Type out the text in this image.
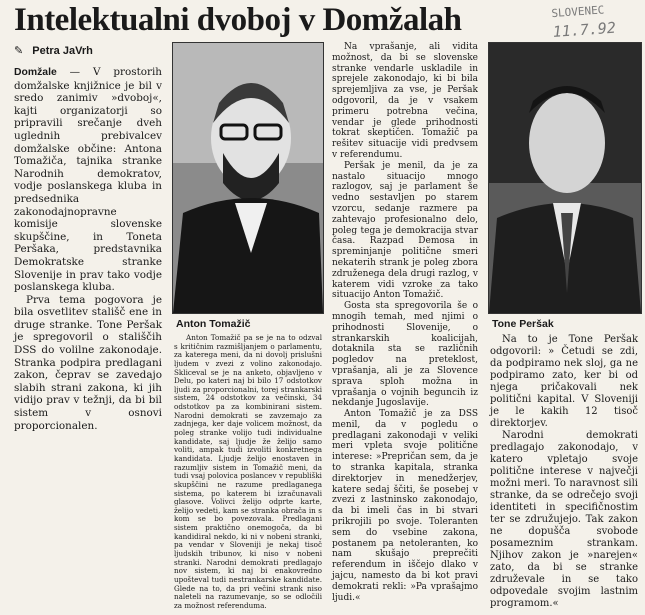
Intelektualni dvoboj v Domžalah	SLOVENEC
11.7.92
✎ Petra JaVrh

Domžale — V prostorih domžalske knjižnice je bil v sredo zanimiv »dvoboj«, kajti organizatorji so pripravili srečanje dveh uglednih prebivalcev domžalske občine: Antona Tomažiča, tajnika stranke Narodnih demokratov, vodje poslanskega kluba in predsednika zakonodajnopravne komisije slovenske skupščine, in Toneta Peršaka, predstavnika Demokratske stranke Slovenije in prav tako vodje poslanskega kluba.

Prva tema pogovora je bila osvetlitev stališč ene in druge stranke. Tone Peršak je spregovoril o stališčih DSS do volilne zakonodaje. Stranka podpira predlagani zakon, čeprav se zavedajo slabih strani zakona, ki jih vidijo prav v težnji, da bi bil sistem v osnovi proporcionalen.

Anton Tomažič

Anton Tomažič pa se je na to odzval s kritičnim razmišljanjem o parlamentu, za katerega meni, da ni dovolj prislušni ljudem v zvezi z volino zakonodajo. Skliceval se je na anketo, objavljeno v Delu, po kateri naj bi bilo 17 odstotkov ljudi za proporcionalni, torej strankarski sistem, 24 odstotkov za večinski, 34 odstotkov pa za kombinirani sistem. Narodni demokrati se zavzemajo za zadnjega, ker daje volicem možnost, da poleg stranke volijo tudi individualne kandidate, saj ljudje že želijo samo voliti, ampak tudi izvoliti konkretnega kandidata. Ljudje želijo enostaven in razumljiv sistem in Tomažič meni, da tudi vsaj polovica poslancev v republiški skupščini ne razume predlaganega sistema, po katerem bi izračunavali glasove. Volivci želijo odprte karte, želijo vedeti, kam se stranka obrača in s kom se bo povezovala. Predlagani sistem praktično onemogoča, da bi kandidiral nekdo, ki ni v nobeni stranki, pa vendar v Sloveniji je nekaj tisoč ljudskih tribunov, ki niso v nobeni stranki. Narodni demokrati predlagajo nov sistem, ki naj bi enakovredno upošteval tudi nestrankarske kandidate. Glede na to, da pri večini strank niso naleteli na razumevanje, so se odločili za možnost referenduma.

Na vprašanje, ali vidita možnost, da bi se slovenske stranke vendarle uskladile in sprejele zakonodajo, ki bi bila sprejemljiva za vse, je Peršak odgovoril, da je v vsakem primeru potrebna večina, vendar je glede prihodnosti tokrat skeptičen. Tomažič pa rešitev situacije vidi predvsem v referendumu.

Peršak je menil, da je za nastalo situacijo mnogo razlogov, saj je parlament še vedno sestavljen po starem vzorcu, sedanje razmere pa zahtevajo profesionalno delo, poleg tega je demokracija stvar časa. Razpad Demosa in spreminjanje politične smeri nekaterih strank je poleg zbora združenega dela drugi razlog, v katerem vidi vzroke za tako situacijo Anton Tomažič.

Gosta sta spregovorila še o mnogih temah, med njimi o prihodnosti Slovenije, o strankarskih koalicijah, dotaknila sta se različnih pogledov na preteklost, vprašanja, ali je za Slovence sprava sploh možna in vprašanja o vojnih beguncih iz nekdanje Jugoslavije.

Anton Tomažič je za DSS menil, da v pogledu o predlagani zakonodaji v veliki meri vpleta svoje politične interese: »Prepričan sem, da je to stranka kapitala, stranka direktorjev in menedžerjev, katere sedaj ščiti, še posebej v zvezi z lastninsko zakonodajo, da bi imeli čas in bi stvari prikrojili po svoje. Toleranten sem do vsebine zakona, postanem pa netoleranten, ko nam skušajo preprečiti referendum in iščejo dlako v jajcu, namesto da bi kot pravi demokrati rekli: »Pa vprašajmo ljudi.«

Tone Peršak

Na to je Tone Peršak odgovoril: » Četudi se zdi, da podpiramo nek sloj, ga ne podpiramo zato, ker bi od njega pričakovali nek politični kapital. V Sloveniji je le kakih 12 tisoč direktorjev.

Narodni demokrati predlagajo zakonodajo, v katero vpletajo svoje politične interese v največji možni meri. To naravnost sili stranke, da se odrečejo svoji identiteti in specifičnostim ter se združujejo. Tak zakon ne dopušča svobode posameznim strankam. Njihov zakon je »narejen« zato, da bi se stranke združevale in se tako odpovedale svojim lastnim programom.«
